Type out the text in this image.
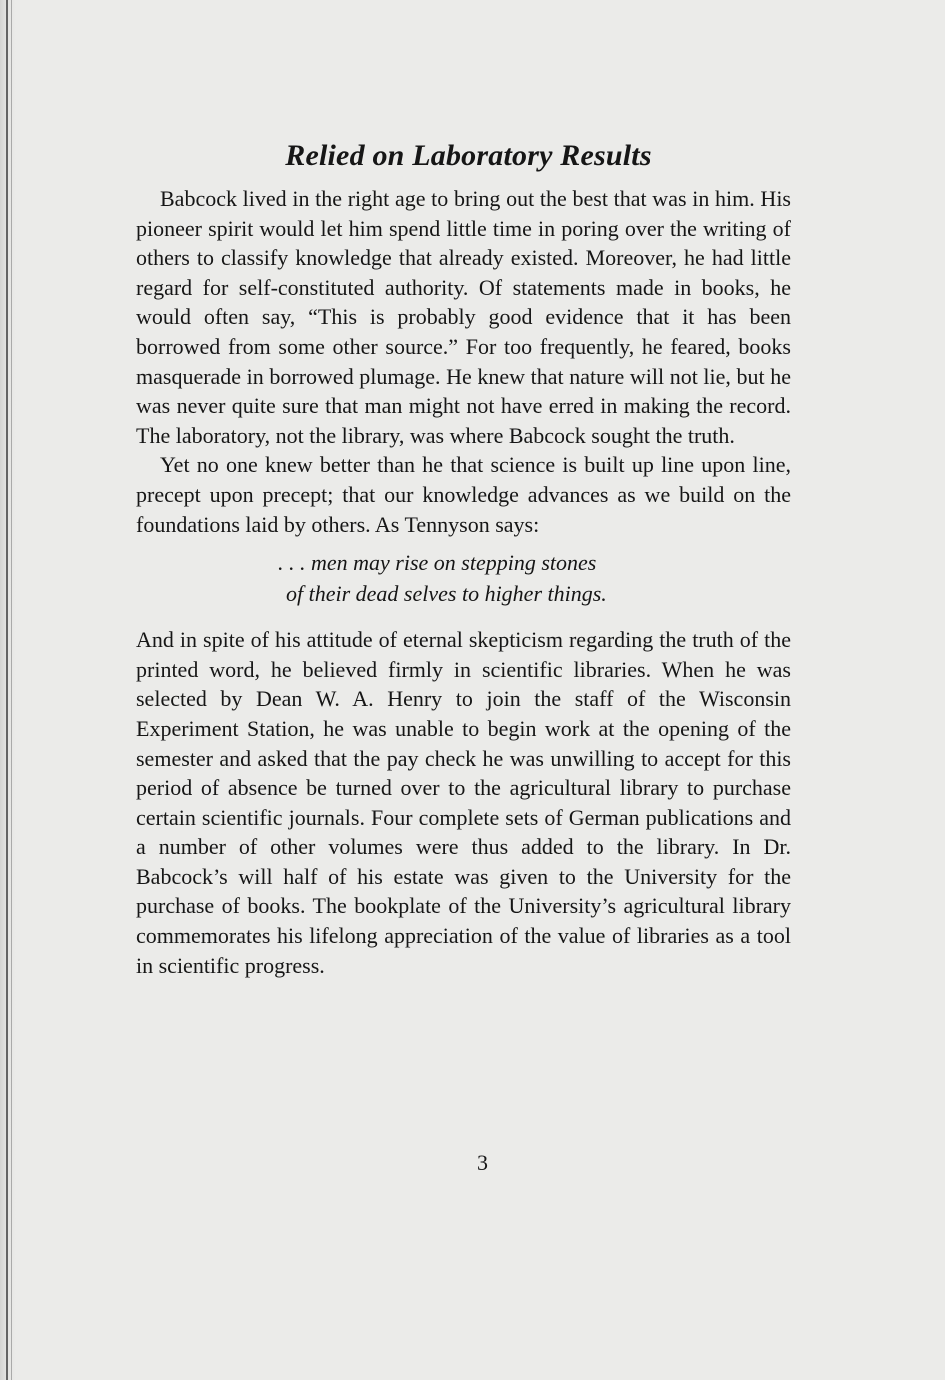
Relied on Laboratory Results

Babcock lived in the right age to bring out the best that was in him. His pioneer spirit would let him spend little time in poring over the writing of others to classify knowledge that already existed. Moreover, he had little regard for self-constituted authority. Of statements made in books, he would often say, “This is probably good evidence that it has been borrowed from some other source.” For too frequently, he feared, books masquerade in borrowed plumage. He knew that nature will not lie, but he was never quite sure that man might not have erred in making the record. The laboratory, not the library, was where Babcock sought the truth.

Yet no one knew better than he that science is built up line upon line, precept upon precept; that our knowledge advances as we build on the foundations laid by others. As Tennyson says:

. . . men may rise on stepping stones
of their dead selves to higher things.

And in spite of his attitude of eternal skepticism regarding the truth of the printed word, he believed firmly in scientific libraries. When he was selected by Dean W. A. Henry to join the staff of the Wisconsin Experiment Station, he was unable to begin work at the opening of the semester and asked that the pay check he was unwilling to accept for this period of absence be turned over to the agricultural library to purchase certain scientific journals. Four complete sets of German publications and a number of other volumes were thus added to the library. In Dr. Babcock’s will half of his estate was given to the University for the purchase of books. The bookplate of the University’s agricultural library commemorates his lifelong appreciation of the value of libraries as a tool in scientific progress.

3
